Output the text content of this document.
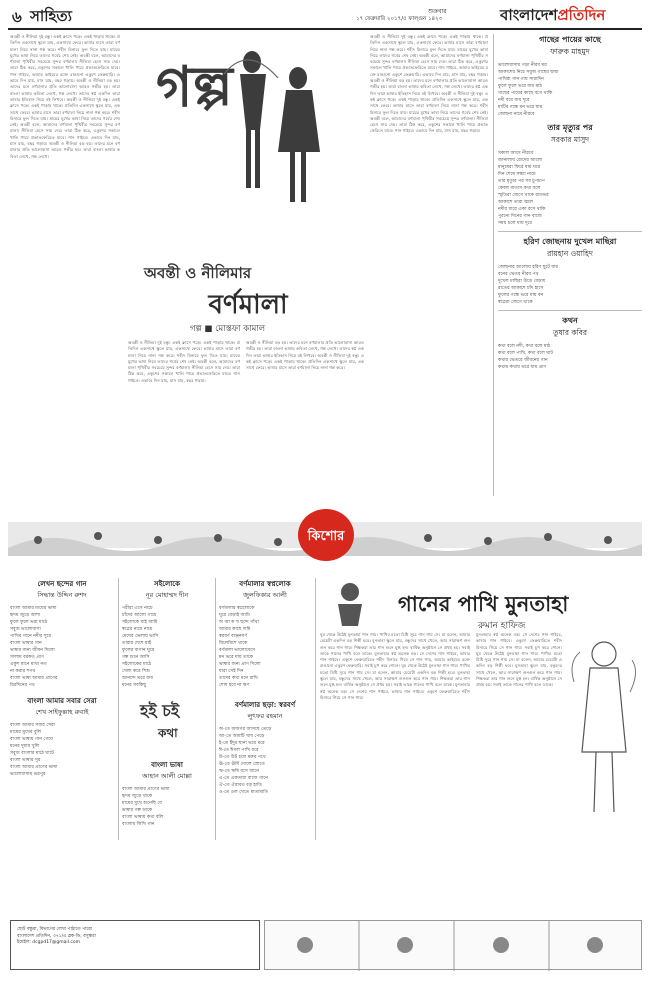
৬ সাহিত্য	শুক্রবার
১৭ ফেব্রুয়ারি ২০১৭/৫ ফাল্গুন ১৪২৩	বাংলাদেশপ্রতিদিন
অবন্তী ও নীলিমা দুই বন্ধু। একই ক্লাসে পড়ে। একই পাড়ায় থাকে। প্রতিদিন একসাথে স্কুলে যায়, একসাথে ফেরে। ভাষার মাসে তারা বর্ণমালা নিয়ে নানা গল্প করে। শহীদ মিনারে ফুল দিতে যায়। মায়ের মুখের ভাষা নিয়ে তাদের গর্বের শেষ নেই। অবন্তী বলে, আমাদের বর্ণমালা পৃথিবীর সবচেয়ে সুন্দর বর্ণমালা। নীলিমা হেসে সায় দেয়। তারা ঠিক করে, একুশের সকালে খালি পায়ে প্রভাতফেরিতে যাবে। গান গাইবে, আমার ভাইয়ের রক্তে রাঙানো একুশে ফেব্রুয়ারি। এভাবে দিন যায়, মাস যায়, বছর গড়ায়। অবন্তী ও নীলিমা বড় হয়। তাদের মনে বর্ণমালার প্রতি ভালোবাসা আরও গভীর হয়। তারা বাংলা ভাষায় কবিতা লেখে, গল্প লেখে। তাদের স্বপ্ন একদিন তারা ভাষার ইতিহাস নিয়ে বই লিখবে। অবন্তী ও নীলিমা দুই বন্ধু। একই ক্লাসে পড়ে। একই পাড়ায় থাকে। প্রতিদিন একসাথে স্কুলে যায়, একসাথে ফেরে। ভাষার মাসে তারা বর্ণমালা নিয়ে নানা গল্প করে। শহীদ মিনারে ফুল দিতে যায়। মায়ের মুখের ভাষা নিয়ে তাদের গর্বের শেষ নেই। অবন্তী বলে, আমাদের বর্ণমালা পৃথিবীর সবচেয়ে সুন্দর বর্ণমালা। নীলিমা হেসে সায় দেয়। তারা ঠিক করে, একুশের সকালে খালি পায়ে প্রভাতফেরিতে যাবে। গান গাইবে। এভাবে দিন যায়, মাস যায়, বছর গড়ায়। অবন্তী ও নীলিমা বড় হয়। তাদের মনে বর্ণমালার প্রতি ভালোবাসা আরও গভীর হয়। তারা বাংলা ভাষায় কবিতা লেখে, গল্প লেখে।
গল্প
অবন্তী ও নীলিমার
বর্ণমালা
গল্প ■ মোস্তফা কামাল
অবন্তী ও নীলিমা দুই বন্ধু। একই ক্লাসে পড়ে। একই পাড়ায় থাকে। প্রতিদিন একসাথে স্কুলে যায়, একসাথে ফেরে। ভাষার মাসে তারা বর্ণমালা নিয়ে নানা গল্প করে। শহীদ মিনারে ফুল দিতে যায়। মায়ের মুখের ভাষা নিয়ে তাদের গর্বের শেষ নেই। অবন্তী বলে, আমাদের বর্ণমালা পৃথিবীর সবচেয়ে সুন্দর বর্ণমালা। নীলিমা হেসে সায় দেয়। তারা ঠিক করে, একুশের সকালে খালি পায়ে প্রভাতফেরিতে যাবে। গান গাইবে। এভাবে দিন যায়, মাস যায়, বছর গড়ায়।
অবন্তী ও নীলিমা বড় হয়। তাদের মনে বর্ণমালার প্রতি ভালোবাসা আরও গভীর হয়। তারা বাংলা ভাষায় কবিতা লেখে, গল্প লেখে। তাদের স্বপ্ন একদিন তারা ভাষার ইতিহাস নিয়ে বই লিখবে। অবন্তী ও নীলিমা দুই বন্ধু। একই ক্লাসে পড়ে। একই পাড়ায় থাকে। প্রতিদিন একসাথে স্কুলে যায়, একসাথে ফেরে। ভাষার মাসে তারা বর্ণমালা নিয়ে নানা গল্প করে।
অবন্তী ও নীলিমা দুই বন্ধু। একই ক্লাসে পড়ে। একই পাড়ায় থাকে। প্রতিদিন একসাথে স্কুলে যায়, একসাথে ফেরে। ভাষার মাসে তারা বর্ণমালা নিয়ে নানা গল্প করে। শহীদ মিনারে ফুল দিতে যায়। মায়ের মুখের ভাষা নিয়ে তাদের গর্বের শেষ নেই। অবন্তী বলে, আমাদের বর্ণমালা পৃথিবীর সবচেয়ে সুন্দর বর্ণমালা। নীলিমা হেসে সায় দেয়। তারা ঠিক করে, একুশের সকালে খালি পায়ে প্রভাতফেরিতে যাবে। গান গাইবে, আমার ভাইয়ের রক্তে রাঙানো একুশে ফেব্রুয়ারি। এভাবে দিন যায়, মাস যায়, বছর গড়ায়। অবন্তী ও নীলিমা বড় হয়। তাদের মনে বর্ণমালার প্রতি ভালোবাসা আরও গভীর হয়। তারা বাংলা ভাষায় কবিতা লেখে, গল্প লেখে। তাদের স্বপ্ন একদিন তারা ভাষার ইতিহাস নিয়ে বই লিখবে। অবন্তী ও নীলিমা দুই বন্ধু। একই ক্লাসে পড়ে। একই পাড়ায় থাকে। প্রতিদিন একসাথে স্কুলে যায়, একসাথে ফেরে। ভাষার মাসে তারা বর্ণমালা নিয়ে নানা গল্প করে। শহীদ মিনারে ফুল দিতে যায়। মায়ের মুখের ভাষা নিয়ে তাদের গর্বের শেষ নেই। অবন্তী বলে, আমাদের বর্ণমালা পৃথিবীর সবচেয়ে সুন্দর বর্ণমালা। নীলিমা হেসে সায় দেয়। তারা ঠিক করে, একুশের সকালে খালি পায়ে প্রভাতফেরিতে যাবে। গান গাইবে। এভাবে দিন যায়, মাস যায়, বছর গড়ায়।
গাছের পায়ের কাছে
ফারুক মাহমুদ
ভালোবাসায় গড়া নীরব ঘর
আকাশের নিচে সবুজ গাছের ছায়া
পাখিরা গান গায় সারাদিন
ফুলে ফুলে ভরে যায় মাঠ
গাছের পায়ের কাছে বসে থাকি
নদী বয়ে যায় দূরে
মাটির গন্ধে মন ভরে যায়
জোছনা নামে নীরবে
তার মৃত্যুর পর
সরকার মাসুদ
সকাল আসে নীরবে
জানালায় রোদের আলো
মানুষেরা ফিরে যায় ঘরে
দিন শেষে সন্ধ্যা নামে
তার মৃত্যুর পর সব চুপচাপ
কেবল বাতাস কথা বলে
স্মৃতিরা জেগে থাকে রাতভর
আকাশে তারা জ্বলে
নদীর ধারে একা বসে থাকি
পুরনো দিনের গান বাজে
সময় চলে যায় দূরে
হরিণ জোছনায় দুখেল মাছিরা
রায়হান ওয়াহিদ
জোছনার আলোয় হরিণ ছুটে যায়
বনের ভেতর নীরব পথ
দুখেল মাছিরা উড়ে বেড়ায়
রাতের আকাশে চাঁদ হাসে
ফুলের গন্ধে ভরে যায় বন
স্বপ্নেরা জেগে থাকে
কথন
তুষার কবির
কথা বলে নদী, কথা বলে মাঠ
কথা বলে পাখি, কথা বলে ঘাট
কথার ভেতরে জীবনের গান
কথায় কথায় ভরে যায় প্রাণ
কিশোর
লেখন ছন্দের গান
সিদ্ধান্ত উদ্দিন রুশদ
বাংলা আমার মায়ের ভাষা
হৃদয় জুড়ে আশা
ফুলে ফুলে ভরা মাঠে
সবুজ ভালোবাসা
পাখির গানে নদীর সুরে
বাংলা ভাষার গান
ভাষার জন্য জীবন দিলো
সালাম বরকত প্রাণ
একুশ মানে মাথা নত
না করার শপথ
বাংলা ভাষা আমার প্রাণের
চিরদিনের পথ
বাংলা আমার সবার সেরা
শেখ সাইফুল্লাহ রুবাই
বাংলা আমার সবার সেরা
মায়ের মুখের বুলি
বাংলা ভাষায় গান গেয়ে
মনের দুয়ার খুলি
সবুজ বাংলার মাঠে ঘাটে
বাংলা ভাষার সুর
বাংলা আমার প্রাণের ভাষা
ভালোবাসায় ভরপুর
সইলোকে
নূর মোহাম্মদ দীন
পরীরা এসে নাচে
চাঁদের আলো গায়ে
সইলোকে যাই আমি
স্বপ্নের নায়ে নায়ে
মেঘের ভেলায় ভাসি
তারার দেশে যাই
ফুলের বাগান ঘুরে
গল্প শুনে আসি
সইলোকের মাঠে
খেলা করে শিশু
আনন্দে ভরে যায়
মনের সবকিছু
হই চই
কথা
বাংলা ভাষা
আহান আলী মোল্লা
বাংলা আমার প্রাণের ভাষা
হৃদয় জুড়ে থাকে
মায়ের মুখে শুনেছি যে
ভাষার গল্প ডাকে
বাংলা ভাষায় কথা বলি
বাংলায় লিখি গান
বর্ণমালার স্বপ্নলোক
জুলফিকার আলী
বর্ণমালার স্বপ্নলোকে
ঘুরে বেড়াই আমি
অ আ ক খ ছন্দে গাঁথা
আমার কাছে দামি
স্বরবর্ণ ব্যঞ্জনবর্ণ
মিলেমিশে থাকে
বর্ণমালা ভালোবেসে
মন ভরে যায় তাকে
ভাষার জন্য প্রাণ দিলো
যারা সেই দিন
তাদের কথা মনে রাখি
শোধ হবে না ঋণ
বর্ণমালার ছড়া: স্বরবর্ণ
লুৎফর রহমান
অ-তে অজগর আসছে তেড়ে
আ-তে আমটি খাব পেড়ে
ই-তে ইঁদুর ছানা ভয়ে মরে
ঈ-তে ঈগল পাখি ধরে
উ-তে উট চলে মরুর পথে
ঊ-তে ঊর্মি দোলে স্রোতে
ঋ-তে ঋষি বসে ধ্যানে
এ-তে একতারা বাজে গানে
ঐ-তে ঐরাবত বড় হাতি
ও-তে ওল খেতে মাতামাতি
ঘুম থেকে উঠেই মুনতাহা গান গায়। পাখির মতো মিষ্টি সুরে গান গায় সে। মা বলেন, আমার মেয়েটা একদিন বড় শিল্পী হবে। মুনতাহা স্কুলে যায়, বন্ধুদের সাথে খেলে, আর সারাক্ষণ গুনগুন করে গান গায়। শিক্ষকরা তার গান শুনে মুগ্ধ হন। বার্ষিক অনুষ্ঠানে সে প্রথম হয়। সবাই তাকে গানের পাখি বলে ডাকে। মুনতাহার স্বপ্ন অনেক বড়। সে দেশের গান গাইবে, ভাষার গান গাইবে। একুশে ফেব্রুয়ারিতে শহীদ মিনারে গিয়ে সে গান গায়, আমার ভাইয়ের রক্তে রাঙানো একুশে ফেব্রুয়ারি। সবাই চুপ করে শোনে। ঘুম থেকে উঠেই মুনতাহা গান গায়। পাখির মতো মিষ্টি সুরে গান গায় সে। মা বলেন, আমার মেয়েটা একদিন বড় শিল্পী হবে। মুনতাহা স্কুলে যায়, বন্ধুদের সাথে খেলে, আর সারাক্ষণ গুনগুন করে গান গায়। শিক্ষকরা তার গান শুনে মুগ্ধ হন। বার্ষিক অনুষ্ঠানে সে প্রথম হয়। সবাই তাকে গানের পাখি বলে ডাকে। মুনতাহার স্বপ্ন অনেক বড়। সে দেশের গান গাইবে, ভাষার গান গাইবে। একুশে ফেব্রুয়ারিতে শহীদ মিনারে গিয়ে সে গান গায়।
গানের পাখি মুনতাহা
রুমান হাফিজ
মুনতাহার স্বপ্ন অনেক বড়। সে দেশের গান গাইবে, ভাষার গান গাইবে। একুশে ফেব্রুয়ারিতে শহীদ মিনারে গিয়ে সে গান গায়। সবাই চুপ করে শোনে। ঘুম থেকে উঠেই মুনতাহা গান গায়। পাখির মতো মিষ্টি সুরে গান গায় সে। মা বলেন, আমার মেয়েটা একদিন বড় শিল্পী হবে। মুনতাহা স্কুলে যায়, বন্ধুদের সাথে খেলে, আর সারাক্ষণ গুনগুন করে গান গায়। শিক্ষকরা তার গান শুনে মুগ্ধ হন। বার্ষিক অনুষ্ঠানে সে প্রথম হয়। সবাই তাকে গানের পাখি বলে ডাকে।
ছোট বন্ধুরা, বিভাগের লেখা পাঠাতে পারো
বাংলাদেশ প্রতিদিন, ৩৭১/এ ব্লক-ডি, বসুন্ধরা
ইমেইল: dcgpd17@gmail.com
